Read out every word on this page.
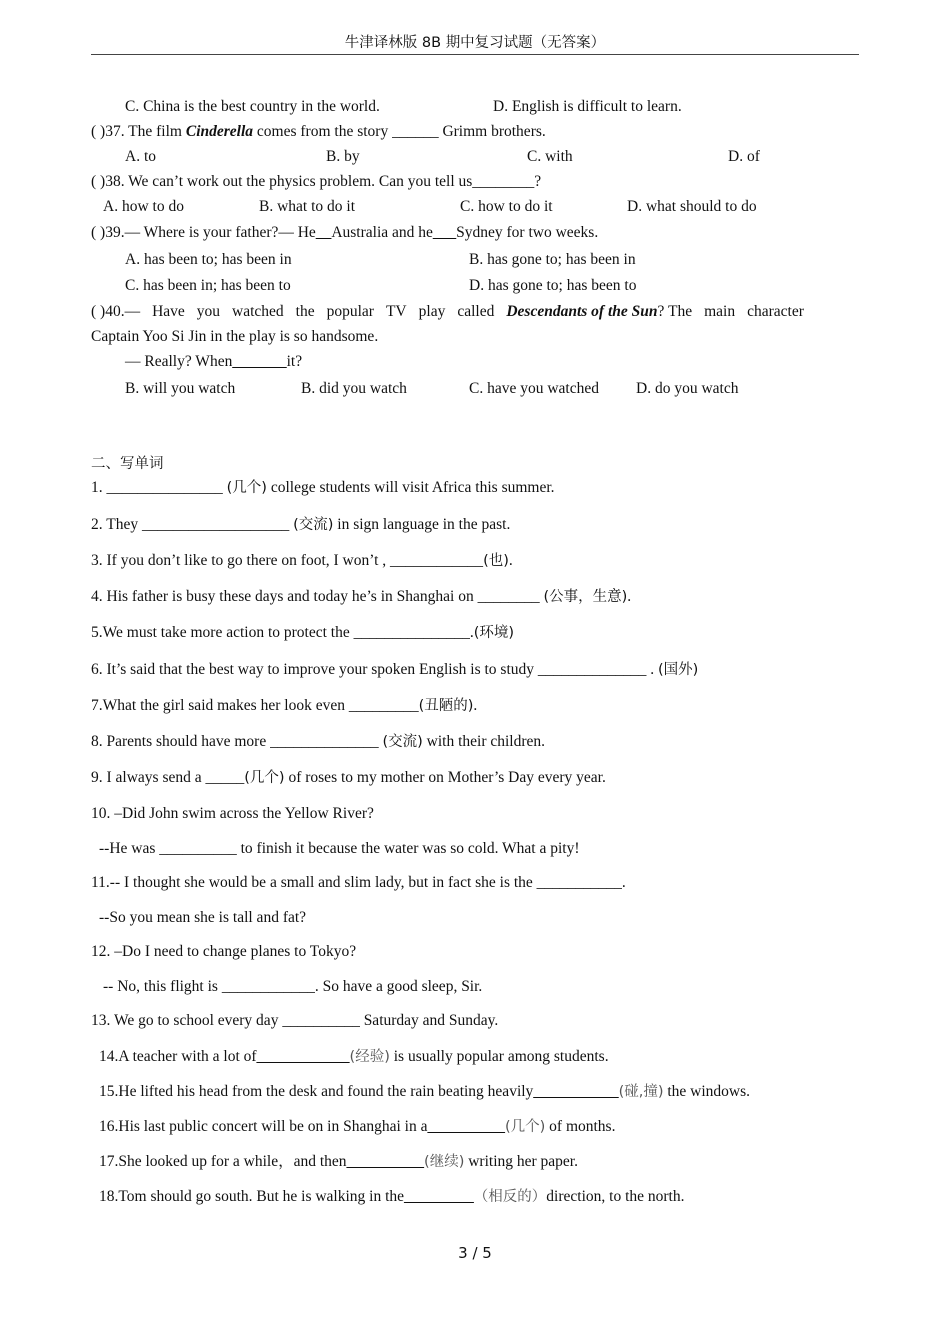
牛津译林版 8B 期中复习试题（无答案）
C. China is the best country in the world.	D. English is difficult to learn.
( )37. The film Cinderella comes from the story ______ Grimm brothers.
A. to	B. by	C. with	D. of
( )38. We can’t work out the physics problem. Can you tell us________?
A. how to do	B. what to do it	C. how to do it	D. what should to do
( )39.— Where is your father?— He__Australia and he___Sydney for two weeks.
A. has been to; has been in	B. has gone to; has been in
C. has been in; has been to	D. has gone to; has been to
( )40.— Have you watched the popular TV play called Descendants of the Sun? The main character
Captain Yoo Si Jin in the play is so handsome.
— Really? When_______it?
B. will you watch	B. did you watch	C. have you watched D. do you watch
二、写单词
1. _______________ (几个) college students will visit Africa this summer.
2. They ___________________ (交流) in sign language in the past.
3. If you don’t like to go there on foot, I won’t , ____________(也).
4. His father is busy these days and today he’s in Shanghai on ________ (公事，生意).
5.We must take more action to protect the _______________.(环境)
6. It’s said that the best way to improve your spoken English is to study ______________ . (国外)
7.What the girl said makes her look even _________(丑陋的).
8. Parents should have more ______________ (交流) with their children.
9. I always send a _____(几个) of roses to my mother on Mother’s Day every year.
10. –Did John swim across the Yellow River?
--He was __________ to finish it because the water was so cold. What a pity!
11.-- I thought she would be a small and slim lady, but in fact she is the ___________.
--So you mean she is tall and fat?
12. –Do I need to change planes to Tokyo?
-- No, this flight is ____________. So have a good sleep, Sir.
13. We go to school every day __________ Saturday and Sunday.
14.A teacher with a lot of____________(经验) is usually popular among students.
15.He lifted his head from the desk and found the rain beating heavily___________(碰,撞) the windows.
16.His last public concert will be on in Shanghai in a__________(几个) of months.
17.She looked up for a while，and then__________(继续) writing her paper.
18.Tom should go south. But he is walking in the_________（相反的）direction, to the north.
3 / 5
